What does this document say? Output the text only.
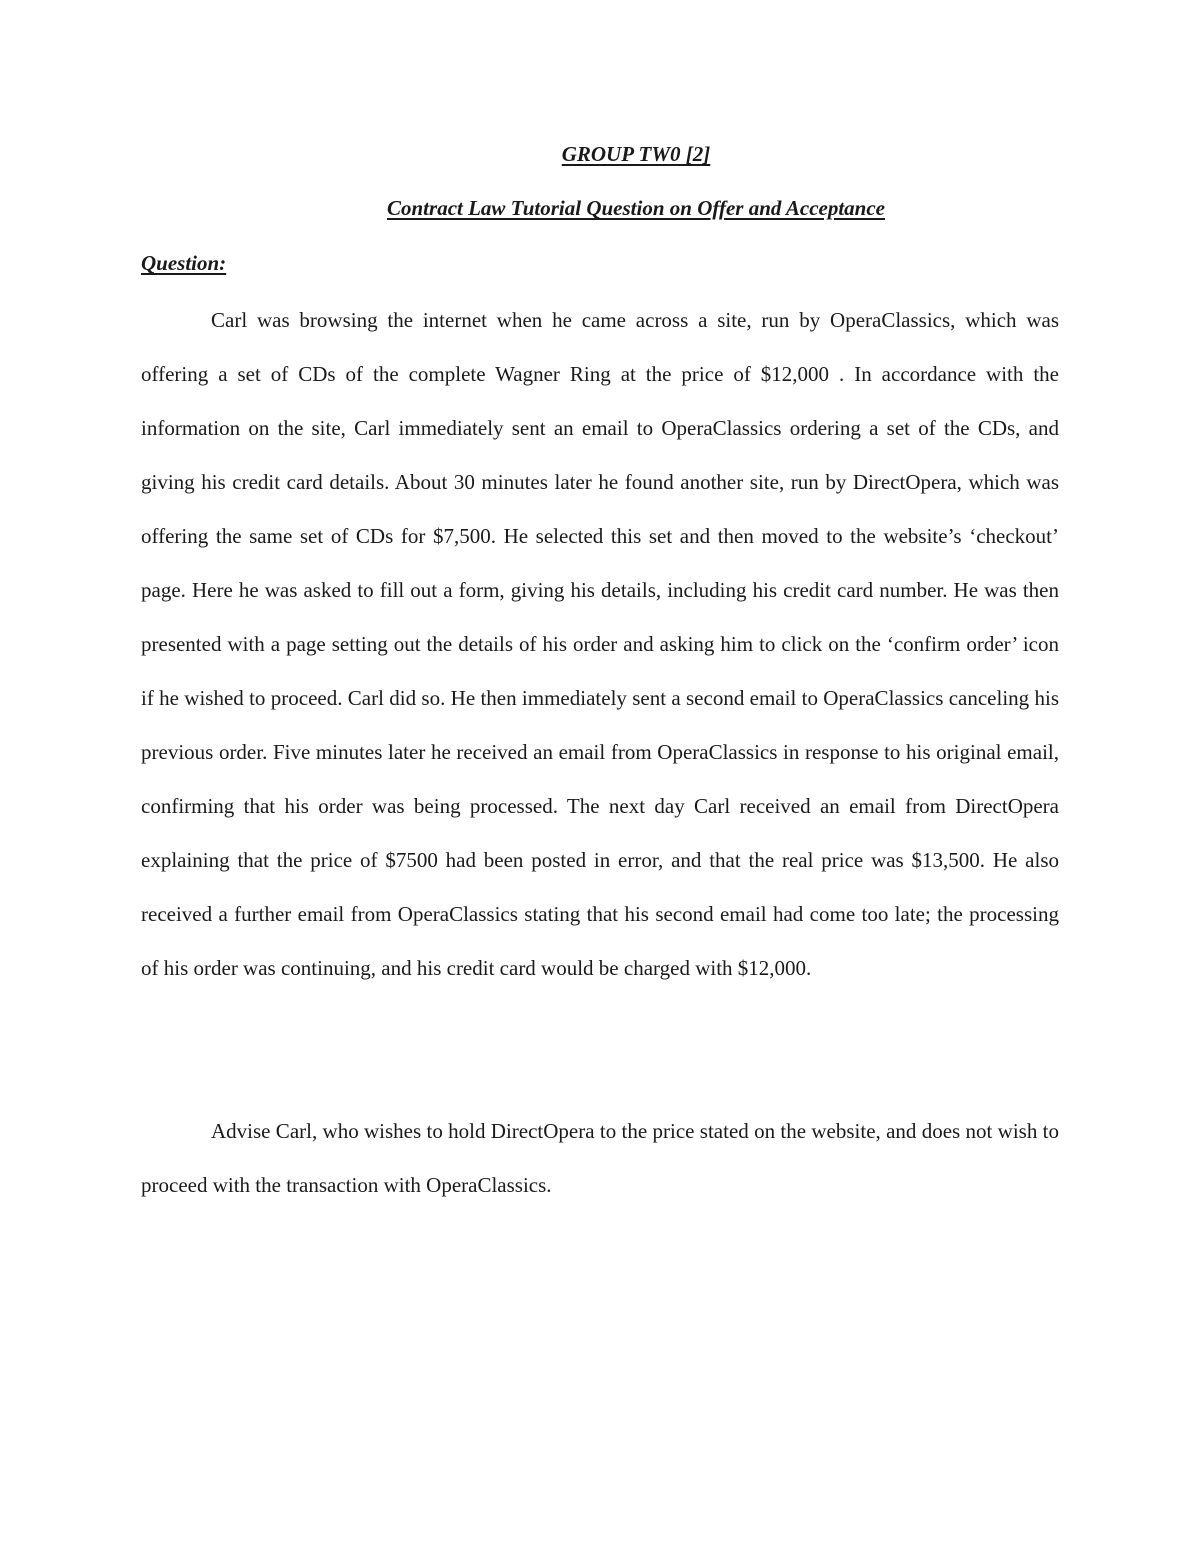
GROUP TW0 [2]
Contract Law Tutorial Question on Offer and Acceptance
Question:

Carl was browsing the internet when he came across a site, run by OperaClassics, which was offering a set of CDs of the complete Wagner Ring at the price of $12,000 . In accordance with the information on the site, Carl immediately sent an email to OperaClassics ordering a set of the CDs, and giving his credit card details. About 30 minutes later he found another site, run by DirectOpera, which was offering the same set of CDs for $7,500. He selected this set and then moved to the website’s ‘checkout’ page. Here he was asked to fill out a form, giving his details, including his credit card number. He was then presented with a page setting out the details of his order and asking him to click on the ‘confirm order’ icon if he wished to proceed. Carl did so. He then immediately sent a second email to OperaClassics canceling his previous order. Five minutes later he received an email from OperaClassics in response to his original email, confirming that his order was being processed. The next day Carl received an email from DirectOpera explaining that the price of $7500 had been posted in error, and that the real price was $13,500. He also received a further email from OperaClassics stating that his second email had come too late; the processing of his order was continuing, and his credit card would be charged with $12,000.

Advise Carl, who wishes to hold DirectOpera to the price stated on the website, and does not wish to proceed with the transaction with OperaClassics.
